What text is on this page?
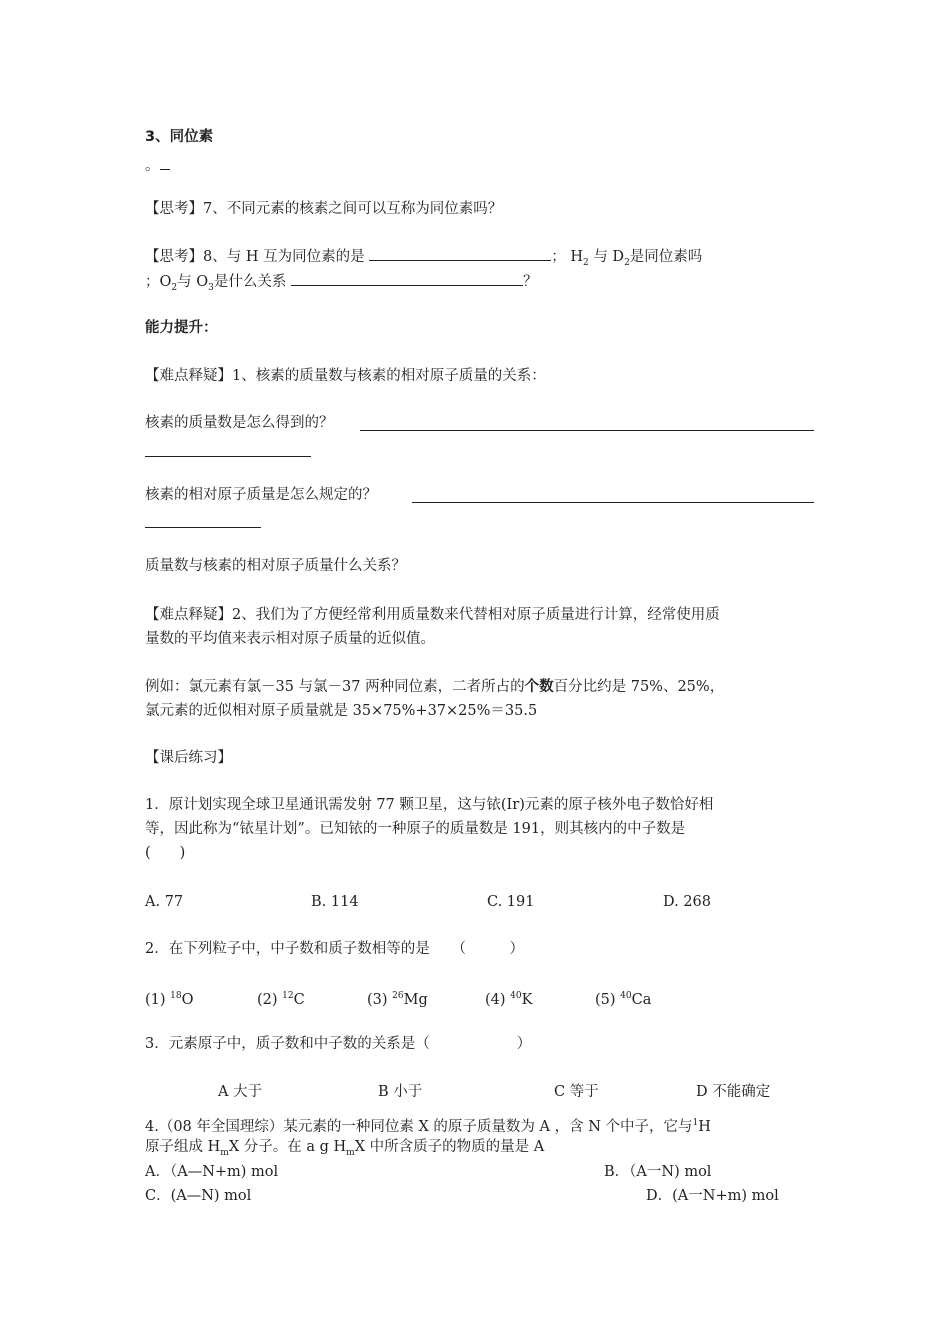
3、同位素
。
【思考】7、不同元素的核素之间可以互称为同位素吗？
【思考】8、与 H 互为同位素的是	； $H_2$ 与 $D_2$是同位素吗
；$O_2$与 $O_3$是什么关系	？
能力提升：
【难点释疑】1、核素的质量数与核素的相对原子质量的关系：
核素的质量数是怎么得到的？
核素的相对原子质量是怎么规定的？
质量数与核素的相对原子质量什么关系？
【难点释疑】2、我们为了方便经常利用质量数来代替相对原子质量进行计算，经常使用质
量数的平均值来表示相对原子质量的近似值。
例如：氯元素有氯－35 与氯－37 两种同位素，二者所占的个数百分比约是 75%、25%，
氯元素的近似相对原子质量就是 35×75%+37×25%＝35.5
【课后练习】
1．原计划实现全球卫星通讯需发射 77 颗卫星，这与铱(Ir)元素的原子核外电子数恰好相
等，因此称为“铱星计划”。已知铱的一种原子的质量数是 191，则其核内的中子数是
(　　)
A. 77	B. 114	C. 191	D. 268
2．在下列粒子中，中子数和质子数相等的是　　（　　　）
(1) $^{18}$O	(2) $^{12}$C	(3) $^{26}$Mg	(4) $^{40}$K	(5) $^{40}$Ca
3．元素原子中，质子数和中子数的关系是（　　　　　　）
A 大于	B 小于	C 等于	D 不能确定
4.（08 年全国理综）某元素的一种同位素 X 的原子质量数为 A ，含 N 个中子，它与$^1$H
原子组成 $H_mX$ 分子。在 a g $H_mX$ 中所含质子的物质的量是 A
A．（A—N+m) mol	B．（A一N) mol
C．(A—N) mol	D．(A一N+m) mol
